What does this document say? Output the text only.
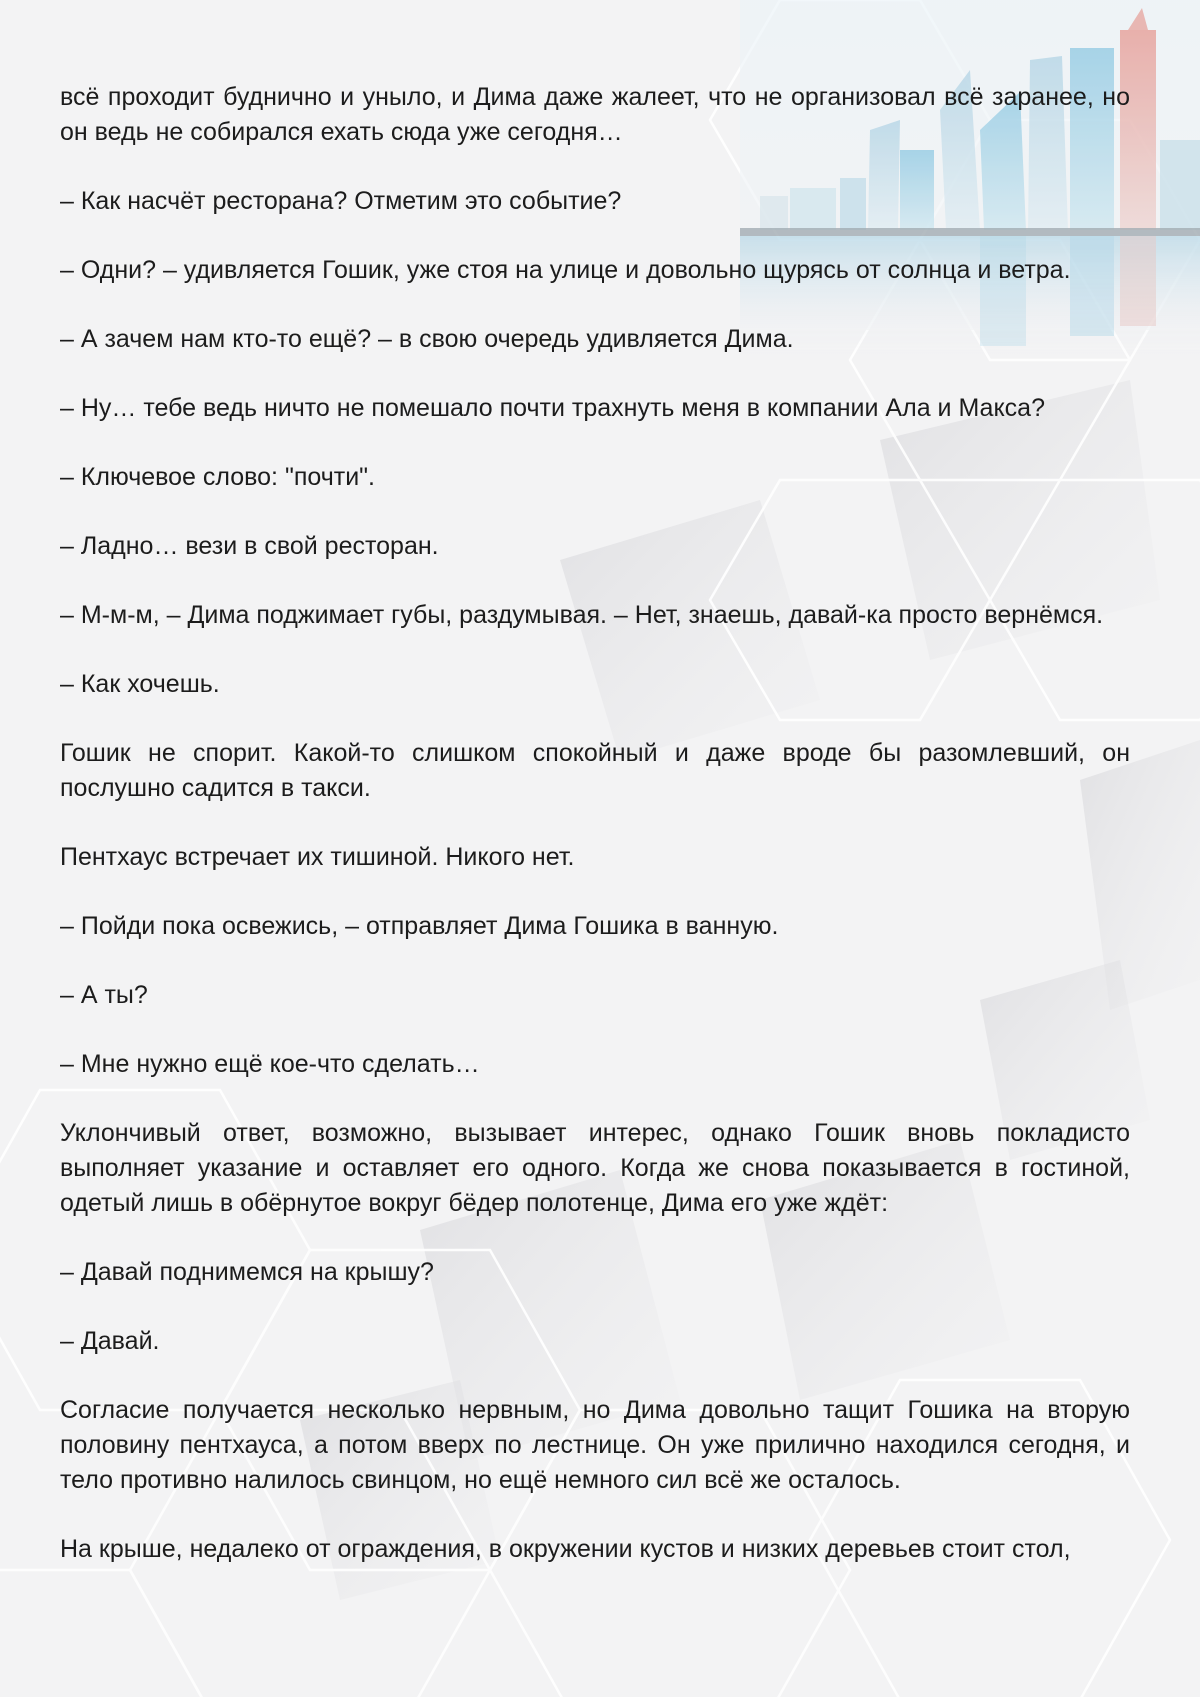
всё проходит буднично и уныло, и Дима даже жалеет, что не организовал всё заранее, но он ведь не собирался ехать сюда уже сегодня…

– Как насчёт ресторана? Отметим это событие?

– Одни? – удивляется Гошик, уже стоя на улице и довольно щурясь от солнца и ветра.

– А зачем нам кто-то ещё? – в свою очередь удивляется Дима.

– Ну… тебе ведь ничто не помешало почти трахнуть меня в компании Ала и Макса?

– Ключевое слово: "почти".

– Ладно… вези в свой ресторан.

– М-м-м, – Дима поджимает губы, раздумывая. – Нет, знаешь, давай-ка просто вернёмся.

– Как хочешь.

Гошик не спорит. Какой-то слишком спокойный и даже вроде бы разомлевший, он послушно садится в такси.

Пентхаус встречает их тишиной. Никого нет.

– Пойди пока освежись, – отправляет Дима Гошика в ванную.

– А ты?

– Мне нужно ещё кое-что сделать…

Уклончивый ответ, возможно, вызывает интерес, однако Гошик вновь покладисто выполняет указание и оставляет его одного. Когда же снова показывается в гостиной, одетый лишь в обёрнутое вокруг бёдер полотенце, Дима его уже ждёт:

– Давай поднимемся на крышу?

– Давай.

Согласие получается несколько нервным, но Дима довольно тащит Гошика на вторую половину пентхауса, а потом вверх по лестнице. Он уже прилично находился сегодня, и тело противно налилось свинцом, но ещё немного сил всё же осталось.

На крыше, недалеко от ограждения, в окружении кустов и низких деревьев стоит стол,
